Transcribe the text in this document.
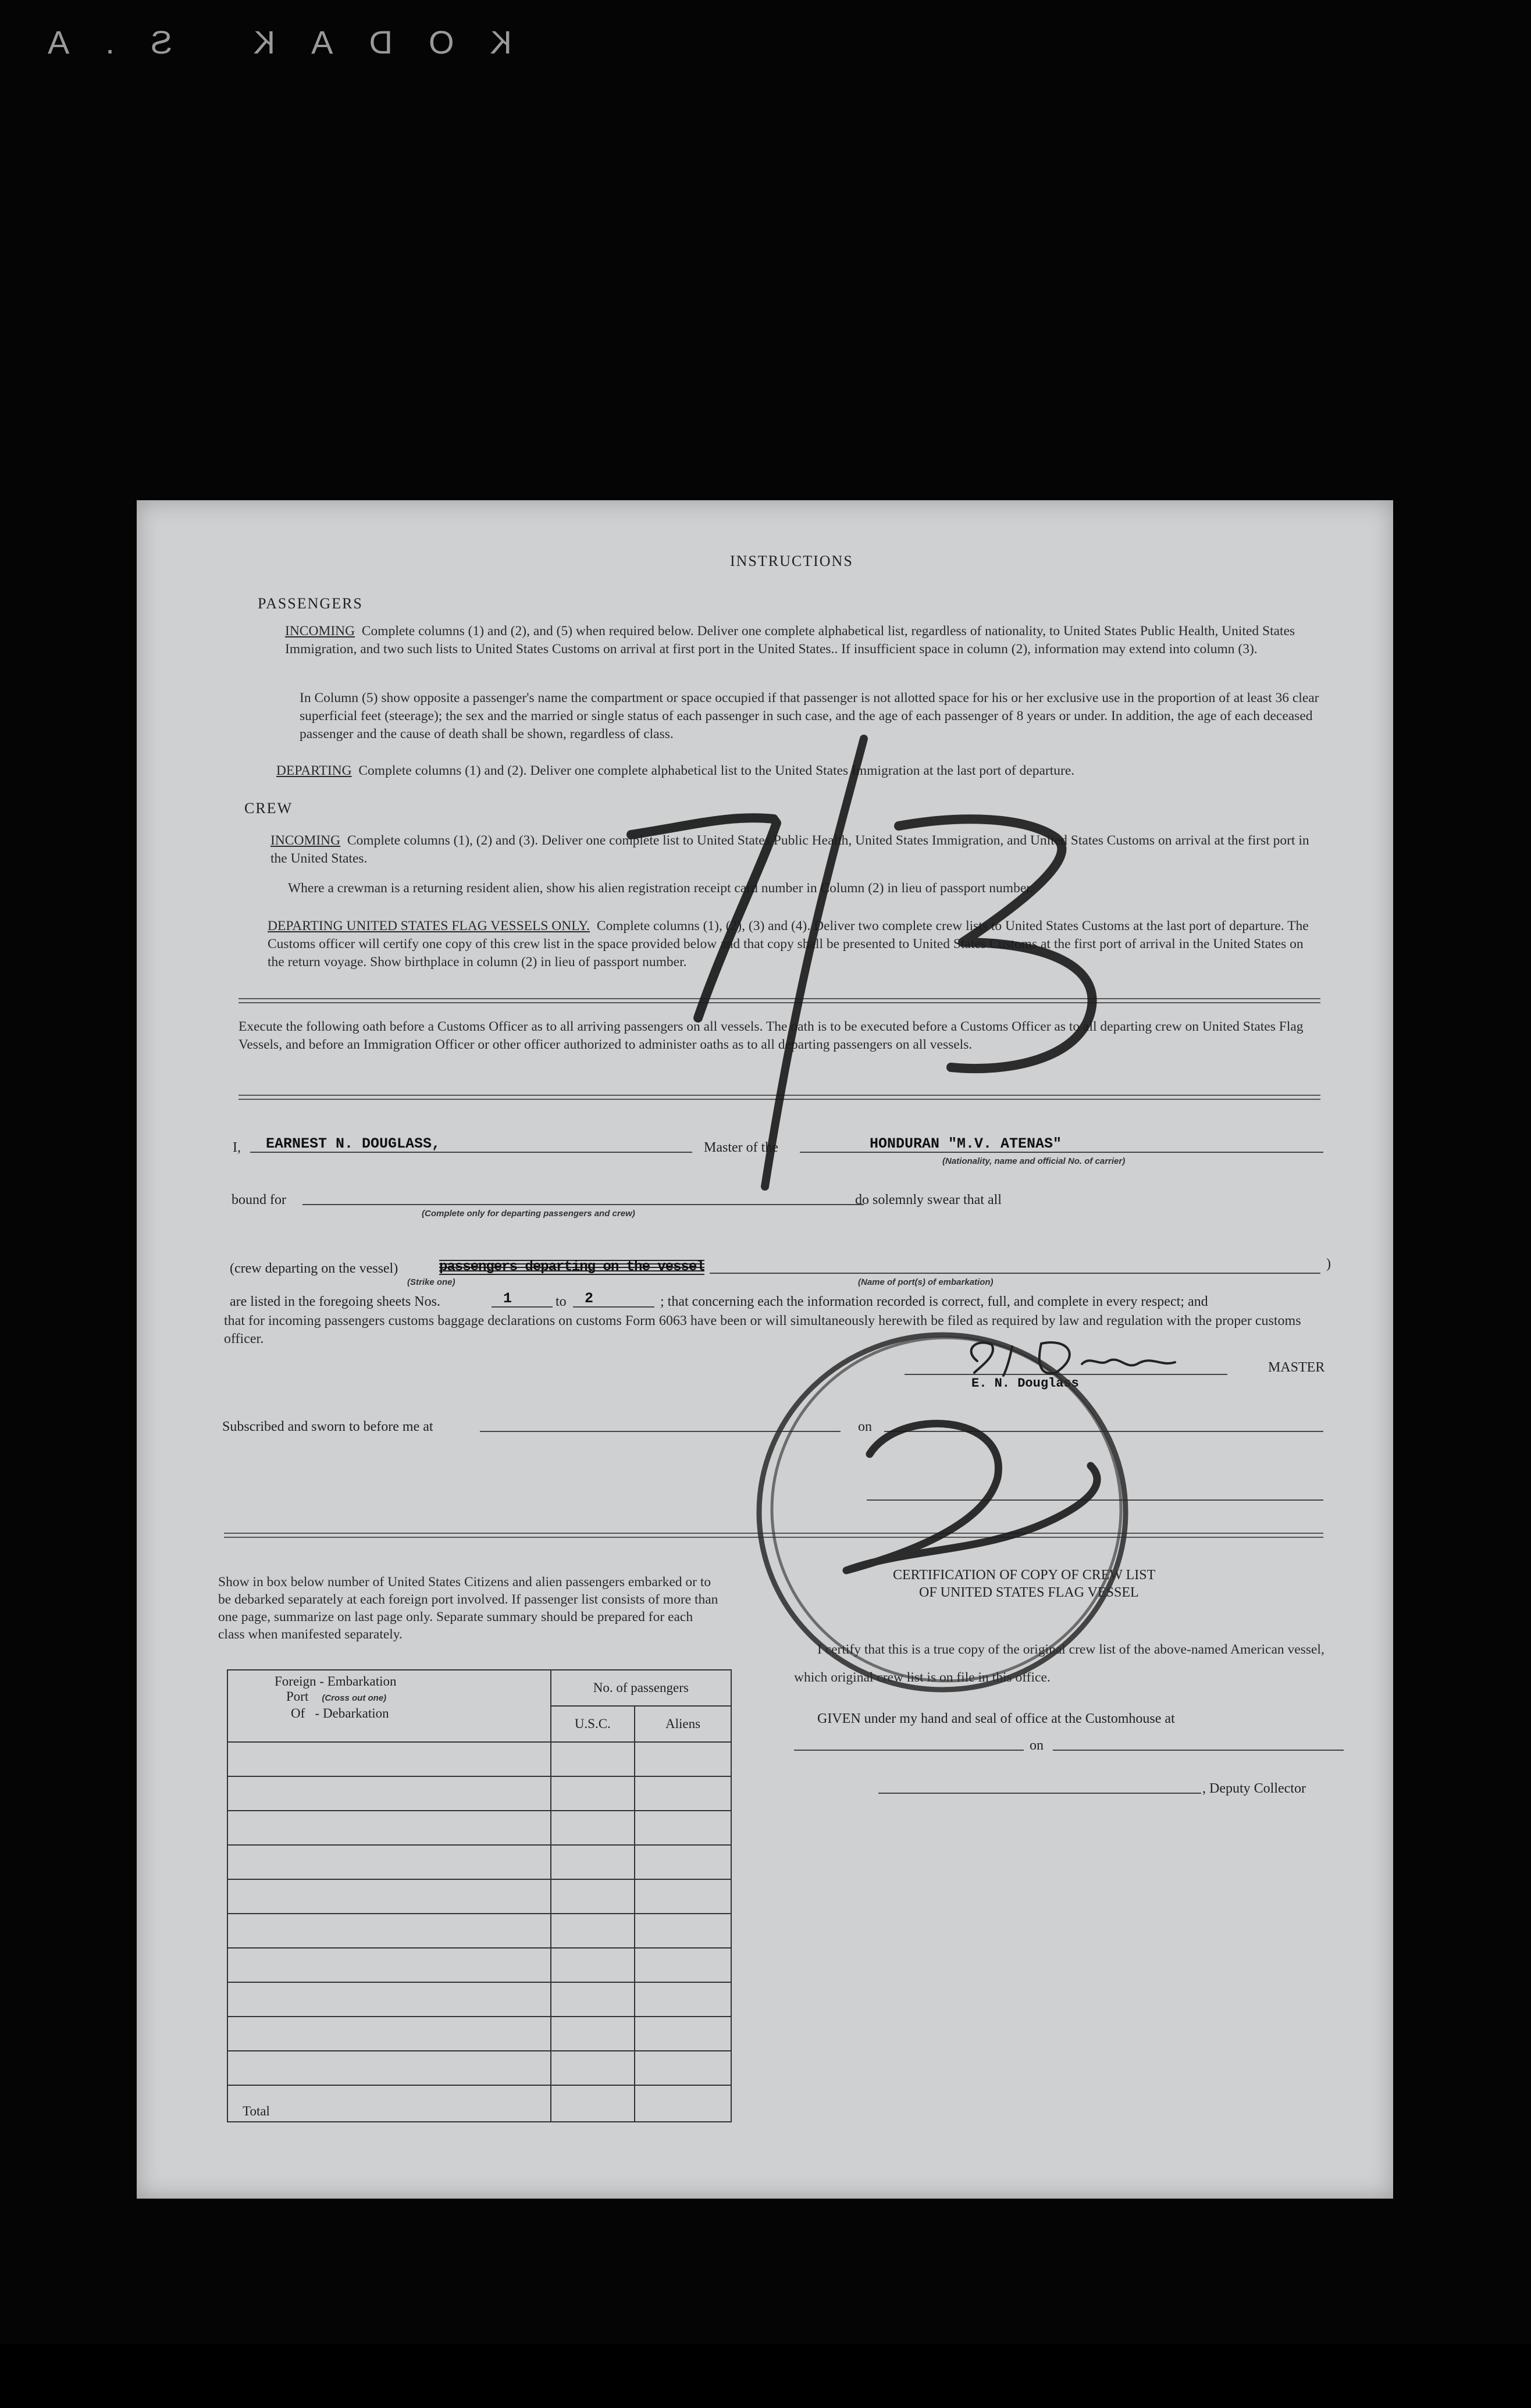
KODAK S.A
INSTRUCTIONS
PASSENGERS
INCOMING Complete columns (1) and (2), and (5) when required below. Deliver one complete alphabetical list, regardless of nationality, to United States Public Health, United States Immigration, and two such lists to United States Customs on arrival at first port in the United States.. If insufficient space in column (2), information may extend into column (3).
In Column (5) show opposite a passenger's name the compartment or space occupied if that passenger is not allotted space for his or her exclusive use in the proportion of at least 36 clear superficial feet (steerage); the sex and the married or single status of each passenger in such case, and the age of each passenger of 8 years or under. In addition, the age of each deceased passenger and the cause of death shall be shown, regardless of class.
DEPARTING Complete columns (1) and (2). Deliver one complete alphabetical list to the United States Immigration at the last port of departure.
CREW
INCOMING Complete columns (1), (2) and (3). Deliver one complete list to United States Public Health, United States Immigration, and United States Customs on arrival at the first port in the United States.
Where a crewman is a returning resident alien, show his alien registration receipt card number in Column (2) in lieu of passport number.
DEPARTING UNITED STATES FLAG VESSELS ONLY. Complete columns (1), (2), (3) and (4). Deliver two complete crew lists to United States Customs at the last port of departure. The Customs officer will certify one copy of this crew list in the space provided below and that copy shall be presented to United States Customs at the first port of arrival in the United States on the return voyage. Show birthplace in column (2) in lieu of passport number.
Execute the following oath before a Customs Officer as to all arriving passengers on all vessels. The oath is to be executed before a Customs Officer as to all departing crew on United States Flag Vessels, and before an Immigration Officer or other officer authorized to administer oaths as to all departing passengers on all vessels.
I, EARNEST N. DOUGLASS,	Master of the	HONDURAN "M.V. ATENAS"
(Nationality, name and official No. of carrier)
bound for
(Complete only for departing passengers and crew)
do solemnly swear that all
(crew departing on the vessel)	passengers departing on the vessel
(Strike one)	(Name of port(s) of embarkation)
)
are listed in the foregoing sheets Nos.	1	to 2	; that concerning each the information recorded is correct, full, and complete in every respect; and
that for incoming passengers customs baggage declarations on customs Form 6063 have been or will simultaneously herewith be filed as required by law and regulation with the proper customs officer.
MASTER
E. N. Douglass
Subscribed and sworn to before me at	on
Show in box below number of United States Citizens and alien passengers embarked or to be debarked separately at each foreign port involved. If passenger list consists of more than one page, summarize on last page only. Separate summary should be prepared for each class when manifested separately.
Foreign - Embarkation
Port (Cross out one)
Of - Debarkation	No. of passengers	
	U.S.C.	Aliens

Total		
CERTIFICATION OF COPY OF CREW LIST
OF UNITED STATES FLAG VESSEL
I certify that this is a true copy of the original crew list of the above-named American vessel, which original crew list is on file in this office.
GIVEN under my hand and seal of office at the Customhouse at
on
, Deputy Collector
